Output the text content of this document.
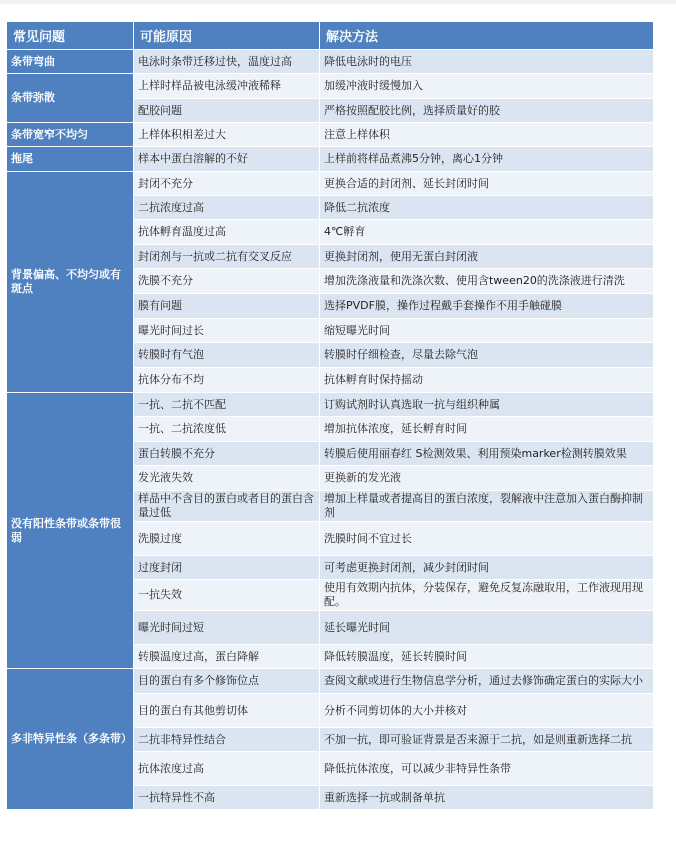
常见问题	可能原因	解决方法
条带弯曲	电泳时条带迁移过快，温度过高	降低电泳时的电压
条带弥散	上样时样品被电泳缓冲液稀释	加缓冲液时缓慢加入
	配胶问题	严格按照配胶比例，选择质量好的胶
条带宽窄不均匀	上样体积相差过大	注意上样体积
拖尾	样本中蛋白溶解的不好	上样前将样品煮沸5分钟，离心1分钟
背景偏高、不均匀或有斑点	封闭不充分	更换合适的封闭剂、延长封闭时间
	二抗浓度过高	降低二抗浓度
	抗体孵育温度过高	4℃孵育
	封闭剂与一抗或二抗有交叉反应	更换封闭剂，使用无蛋白封闭液
	洗膜不充分	增加洗涤液量和洗涤次数、使用含tween20的洗涤液进行清洗
	膜有问题	选择PVDF膜，操作过程戴手套操作不用手触碰膜
	曝光时间过长	缩短曝光时间
	转膜时有气泡	转膜时仔细检查，尽量去除气泡
	抗体分布不均	抗体孵育时保持摇动
没有阳性条带或条带很弱	一抗、二抗不匹配	订购试剂时认真选取一抗与组织种属
	一抗、二抗浓度低	增加抗体浓度，延长孵育时间
	蛋白转膜不充分	转膜后使用丽春红 S检测效果、利用预染marker检测转膜效果
	发光液失效	更换新的发光液
	样品中不含目的蛋白或者目的蛋白含量过低	增加上样量或者提高目的蛋白浓度，裂解液中注意加入蛋白酶抑制剂
	洗膜过度	洗膜时间不宜过长
	过度封闭	可考虑更换封闭剂，减少封闭时间
	一抗失效	使用有效期内抗体，分装保存，避免反复冻融取用，工作液现用现配。
	曝光时间过短	延长曝光时间
	转膜温度过高，蛋白降解	降低转膜温度，延长转膜时间
多非特异性条（多条带）	目的蛋白有多个修饰位点	查阅文献或进行生物信息学分析，通过去修饰确定蛋白的实际大小
	目的蛋白有其他剪切体	分析不同剪切体的大小并核对
	二抗非特异性结合	不加一抗，即可验证背景是否来源于二抗，如是则重新选择二抗
	抗体浓度过高	降低抗体浓度，可以减少非特异性条带
	一抗特异性不高	重新选择一抗或制备单抗
